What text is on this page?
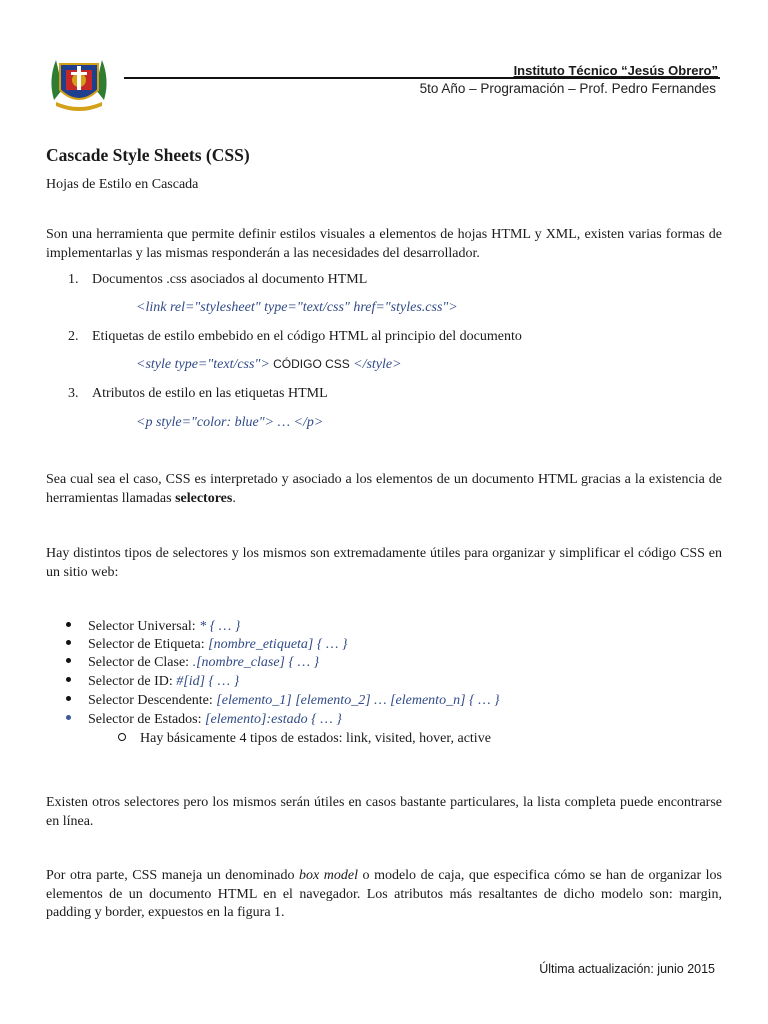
Instituto Técnico “Jesús Obrero”
5to Año – Programación – Prof. Pedro Fernandes
Cascade Style Sheets (CSS)
Hojas de Estilo en Cascada
Son una herramienta que permite definir estilos visuales a elementos de hojas HTML y XML, existen varias formas de implementarlas y las mismas responderán a las necesidades del desarrollador.
1. Documentos .css asociados al documento HTML
<link rel="stylesheet" type="text/css" href="styles.css">
2. Etiquetas de estilo embebido en el código HTML al principio del documento
<style type="text/css"> CÓDIGO CSS </style>
3. Atributos de estilo en las etiquetas HTML
<p style="color: blue"> … </p>
Sea cual sea el caso, CSS es interpretado y asociado a los elementos de un documento HTML gracias a la existencia de herramientas llamadas selectores.
Hay distintos tipos de selectores y los mismos son extremadamente útiles para organizar y simplificar el código CSS en un sitio web:
Selector Universal: * { … }
Selector de Etiqueta: [nombre_etiqueta] { … }
Selector de Clase: .[nombre_clase] { … }
Selector de ID: #[id] { … }
Selector Descendente: [elemento_1] [elemento_2] … [elemento_n] { … }
Selector de Estados: [elemento]:estado { … }
Hay básicamente 4 tipos de estados: link, visited, hover, active
Existen otros selectores pero los mismos serán útiles en casos bastante particulares, la lista completa puede encontrarse en línea.
Por otra parte, CSS maneja un denominado box model o modelo de caja, que especifica cómo se han de organizar los elementos de un documento HTML en el navegador. Los atributos más resaltantes de dicho modelo son: margin, padding y border, expuestos en la figura 1.
Última actualización: junio 2015
